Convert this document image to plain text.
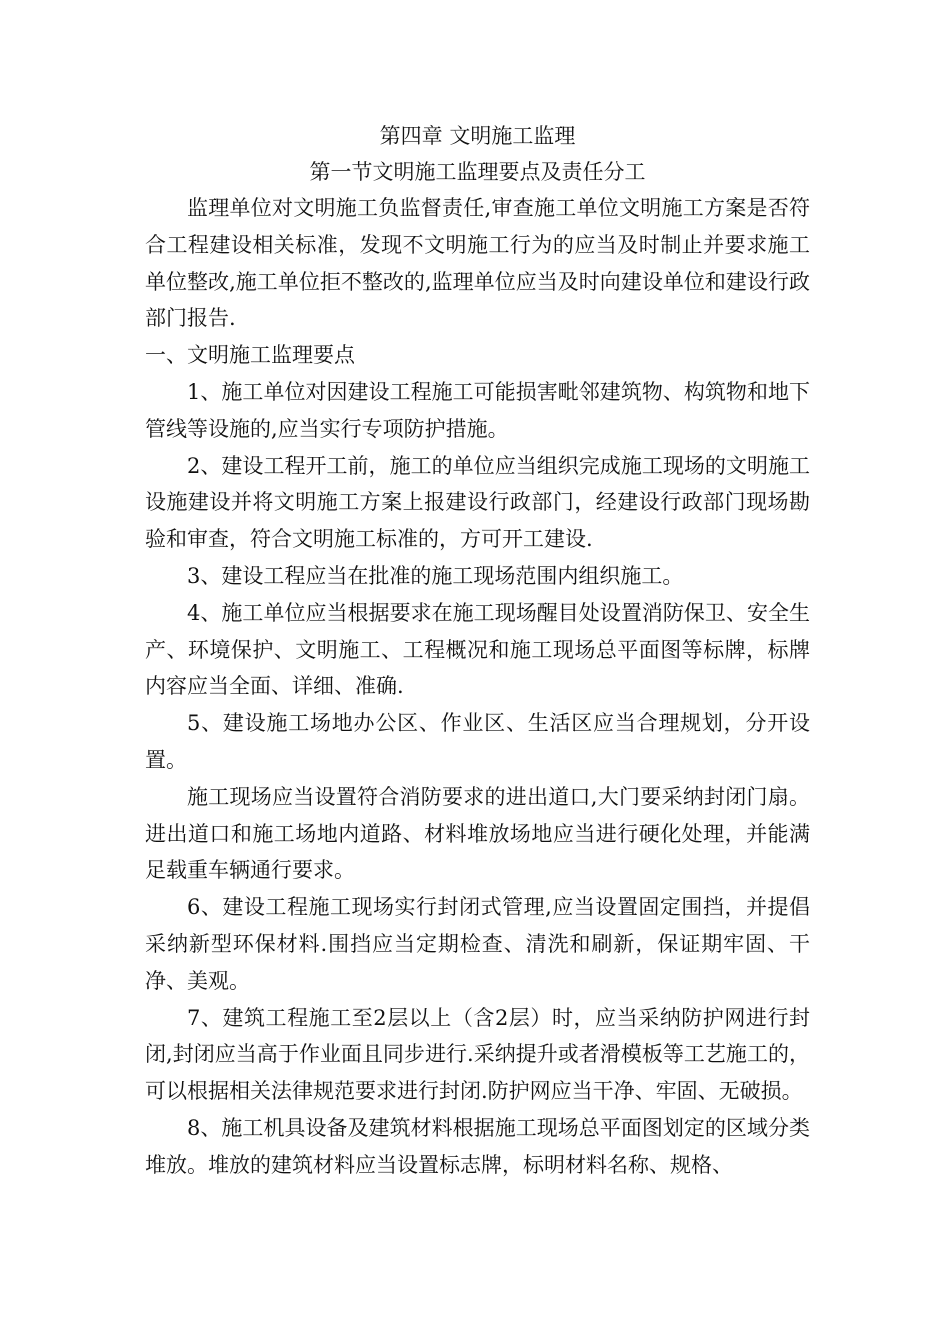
第四章 文明施工监理
第一节文明施工监理要点及责任分工

监理单位对文明施工负监督责任,审查施工单位文明施工方案是否符合工程建设相关标准，发现不文明施工行为的应当及时制止并要求施工单位整改,施工单位拒不整改的,监理单位应当及时向建设单位和建设行政部门报告.

一、文明施工监理要点

1、施工单位对因建设工程施工可能损害毗邻建筑物、构筑物和地下管线等设施的,应当实行专项防护措施。

2、建设工程开工前，施工的单位应当组织完成施工现场的文明施工设施建设并将文明施工方案上报建设行政部门，经建设行政部门现场勘验和审查，符合文明施工标准的，方可开工建设.

3、建设工程应当在批准的施工现场范围内组织施工。

4、施工单位应当根据要求在施工现场醒目处设置消防保卫、安全生产、环境保护、文明施工、工程概况和施工现场总平面图等标牌，标牌内容应当全面、详细、准确.

5、建设施工场地办公区、作业区、生活区应当合理规划，分开设置。

施工现场应当设置符合消防要求的进出道口,大门要采纳封闭门扇。进出道口和施工场地内道路、材料堆放场地应当进行硬化处理，并能满足载重车辆通行要求。

6、建设工程施工现场实行封闭式管理,应当设置固定围挡，并提倡采纳新型环保材料.围挡应当定期检查、清洗和刷新，保证期牢固、干净、美观。

7、建筑工程施工至2层以上（含2层）时，应当采纳防护网进行封闭,封闭应当高于作业面且同步进行.采纳提升或者滑模板等工艺施工的，可以根据相关法律规范要求进行封闭.防护网应当干净、牢固、无破损。

8、施工机具设备及建筑材料根据施工现场总平面图划定的区域分类堆放。堆放的建筑材料应当设置标志牌，标明材料名称、规格、
